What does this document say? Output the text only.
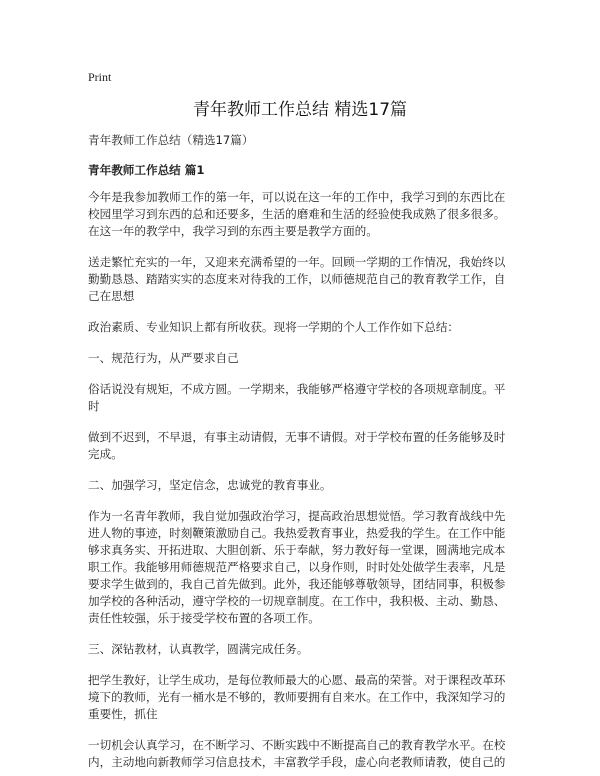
Print
青年教师工作总结 精选17篇

青年教师工作总结（精选17篇）

青年教师工作总结 篇1

今年是我参加教师工作的第一年，可以说在这一年的工作中，我学习到的东西比在校园里学习到东西的总和还要多，生活的磨难和生活的经验使我成熟了很多很多。在这一年的教学中，我学习到的东西主要是教学方面的。

送走繁忙充实的一年，又迎来充满希望的一年。回顾一学期的工作情况，我始终以勤勤恳恳、踏踏实实的态度来对待我的工作，以师德规范自己的教育教学工作，自己在思想

政治素质、专业知识上都有所收获。现将一学期的个人工作作如下总结：

一、规范行为，从严要求自己

俗话说没有规矩，不成方圆。一学期来，我能够严格遵守学校的各项规章制度。平时

做到不迟到，不早退，有事主动请假，无事不请假。对于学校布置的任务能够及时完成。

二、加强学习，坚定信念，忠诚党的教育事业。

作为一名青年教师，我自觉加强政治学习，提高政治思想觉悟。学习教育战线中先进人物的事迹，时刻鞭策激励自己。我热爱教育事业，热爱我的学生。在工作中能够求真务实、开拓进取、大胆创新、乐于奉献，努力教好每一堂课，圆满地完成本职工作。我能够用师德规范严格要求自己，以身作则，时时处处做学生表率，凡是要求学生做到的，我自己首先做到。此外，我还能够尊敬领导，团结同事，积极参加学校的各种活动，遵守学校的一切规章制度。在工作中，我积极、主动、勤恳、责任性较强，乐于接受学校布置的各项工作。

三、深钻教材，认真教学，圆满完成任务。

把学生教好，让学生成功，是每位教师最大的心愿、最高的荣誉。对于课程改革环境下的教师，光有一桶水是不够的，教师要拥有自来水。在工作中，我深知学习的重要性，抓住

一切机会认真学习，在不断学习、不断实践中不断提高自己的教育教学水平。在校内，主动地向新教师学习信息技术，丰富教学手段，虚心向老教师请教，使自己的
